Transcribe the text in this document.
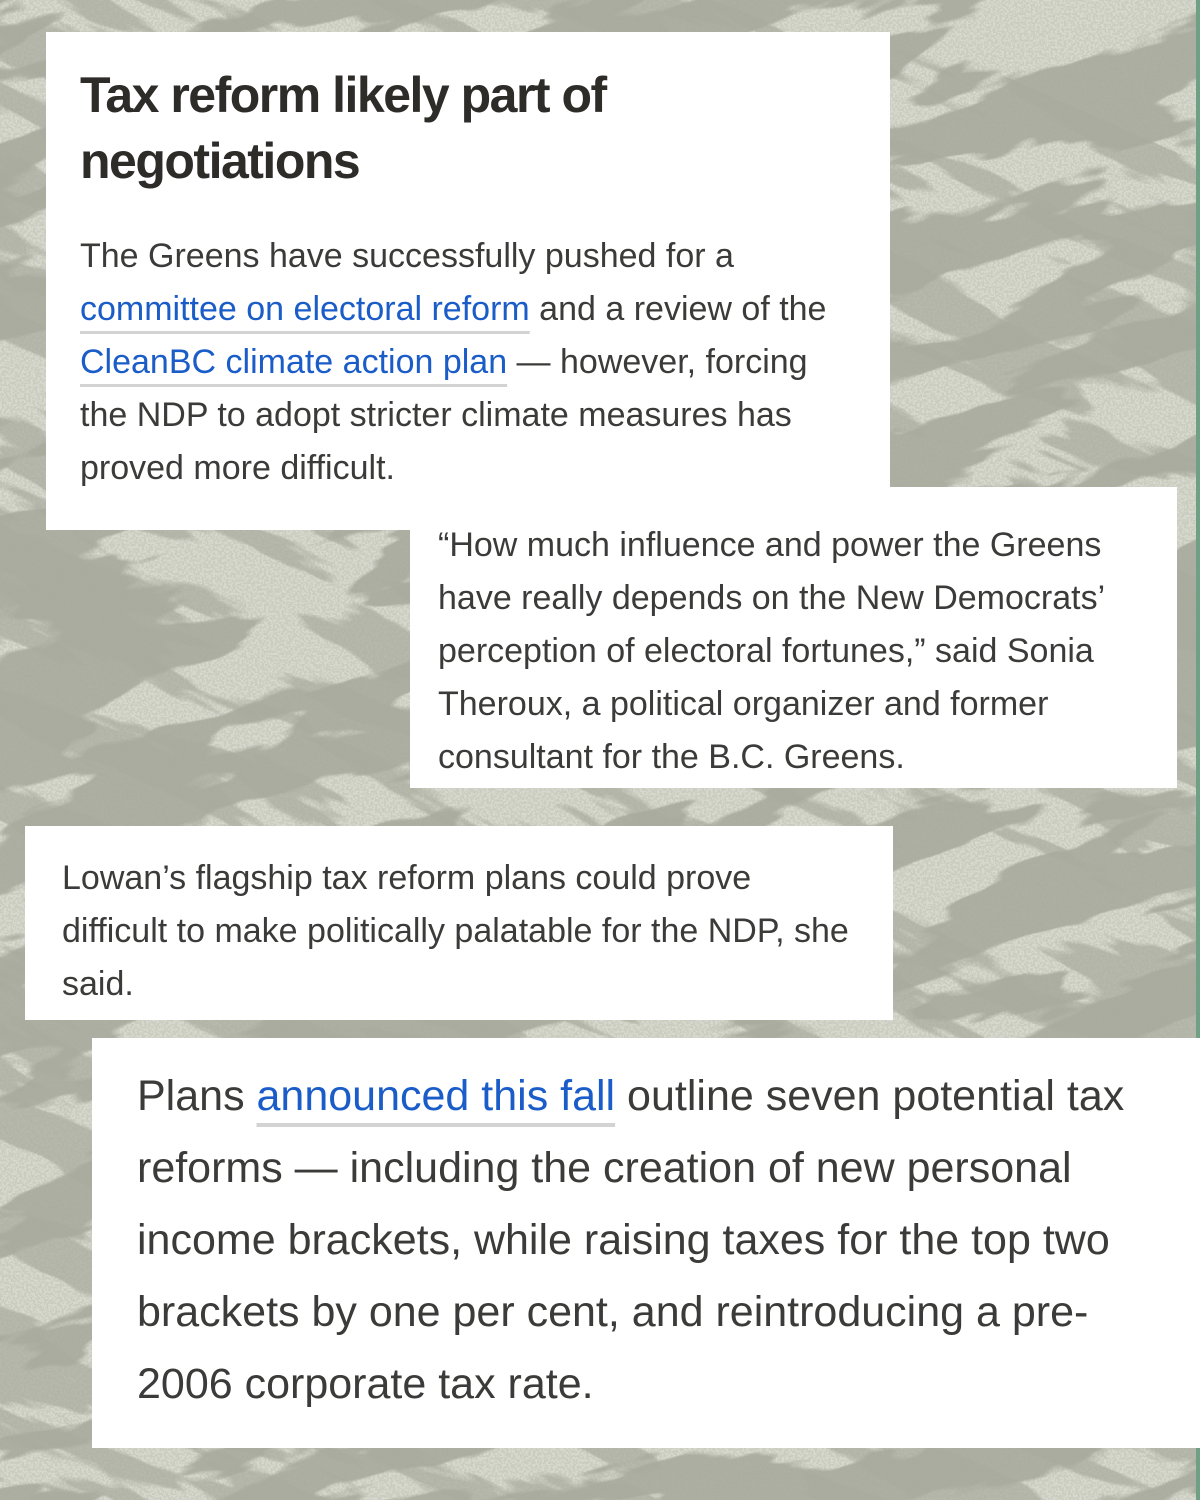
Tax reform likely part of negotiations

The Greens have successfully pushed for a committee on electoral reform and a review of the CleanBC climate action plan — however, forcing the NDP to adopt stricter climate measures has proved more difficult.

“How much influence and power the Greens have really depends on the New Democrats’ perception of electoral fortunes,” said Sonia Theroux, a political organizer and former consultant for the B.C. Greens.

Lowan’s flagship tax reform plans could prove difficult to make politically palatable for the NDP, she said.

Plans announced this fall outline seven potential tax reforms — including the creation of new personal income brackets, while raising taxes for the top two brackets by one per cent, and reintroducing a pre-2006 corporate tax rate.
